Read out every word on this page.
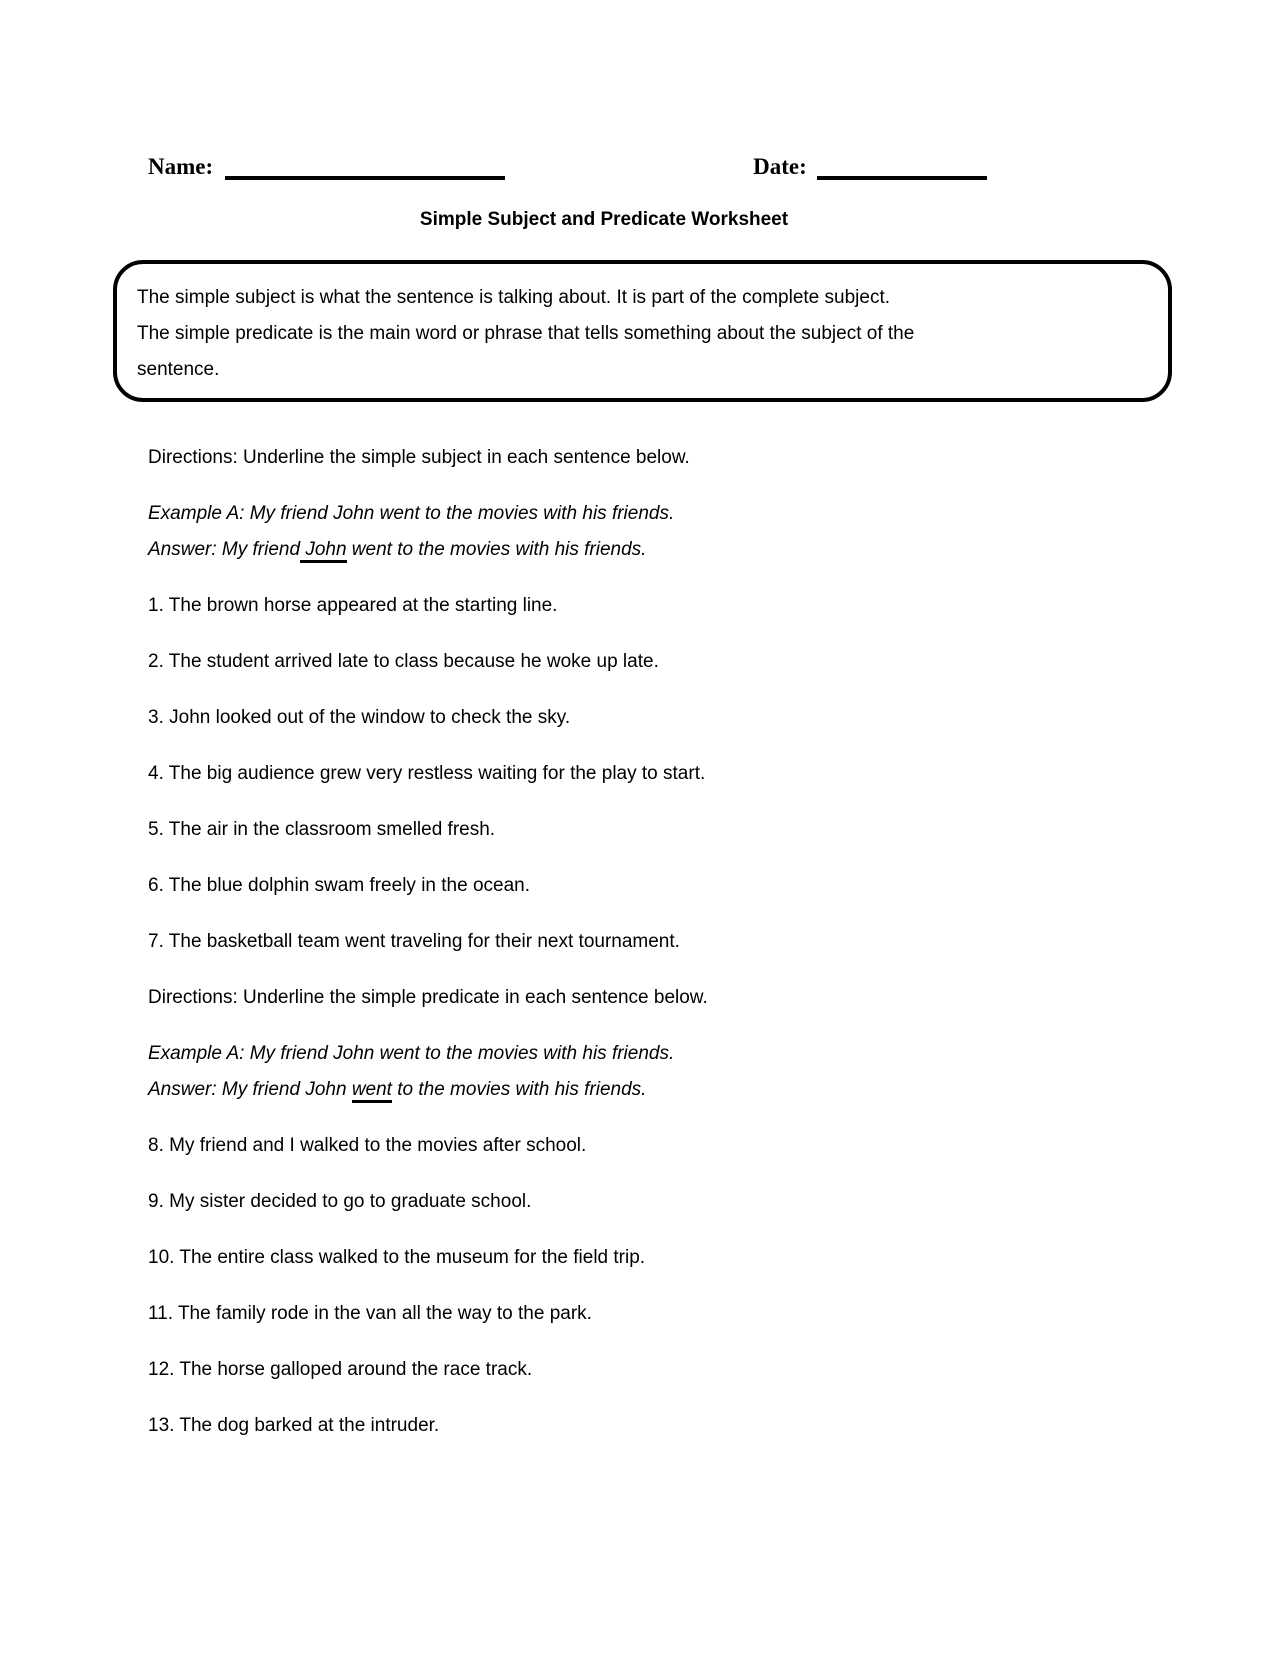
Name:	Date:
Simple Subject and Predicate Worksheet
The simple subject is what the sentence is talking about. It is part of the complete subject.
The simple predicate is the main word or phrase that tells something about the subject of the
sentence.
Directions: Underline the simple subject in each sentence below.
Example A: My friend John went to the movies with his friends.
Answer: My friend John went to the movies with his friends.
1. The brown horse appeared at the starting line.
2. The student arrived late to class because he woke up late.
3. John looked out of the window to check the sky.
4. The big audience grew very restless waiting for the play to start.
5. The air in the classroom smelled fresh.
6. The blue dolphin swam freely in the ocean.
7. The basketball team went traveling for their next tournament.
Directions: Underline the simple predicate in each sentence below.
Example A: My friend John went to the movies with his friends.
Answer: My friend John went to the movies with his friends.
8. My friend and I walked to the movies after school.
9. My sister decided to go to graduate school.
10. The entire class walked to the museum for the field trip.
11. The family rode in the van all the way to the park.
12. The horse galloped around the race track.
13. The dog barked at the intruder.
